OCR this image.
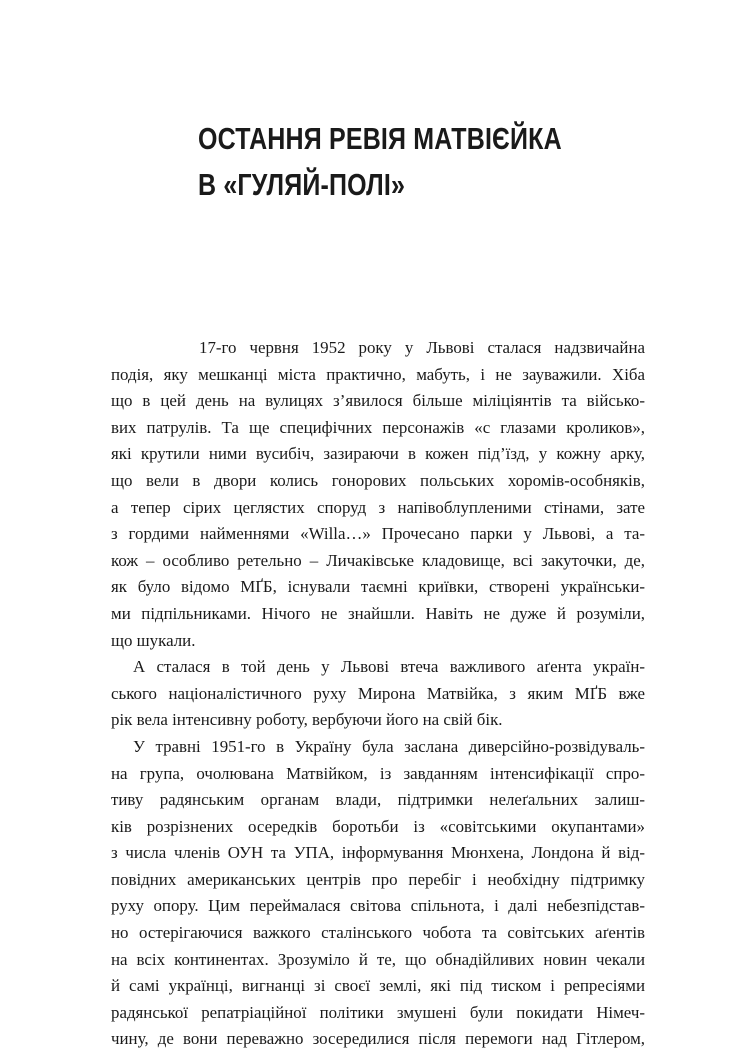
ОСТАННЯ РЕВІЯ МАТВІЄЙКА
В «ГУЛЯЙ-ПОЛІ»

17-го червня 1952 року у Львові сталася надзвичайна
подія, яку мешканці міста практично, мабуть, і не зауважили. Хіба
що в цей день на вулицях з’явилося більше міліціянтів та військо-
вих патрулів. Та ще специфічних персонажів «с глазами кроликов»,
які крутили ними вусибіч, зазираючи в кожен під’їзд, у кожну арку,
що вели в двори колись гонорових польських хоромів-особняків,
а тепер сірих цеглястих споруд з напівоблупленими стінами, зате
з гордими найменнями «Willa…» Прочесано парки у Львові, а та-
кож – особливо ретельно – Личаківське кладовище, всі закуточки, де,
як було відомо МҐБ, існували таємні криївки, створені українськи-
ми підпільниками. Нічого не знайшли. Навіть не дуже й розуміли,
що шукали.

А сталася в той день у Львові втеча важливого аґента україн-
ського націоналістичного руху Мирона Матвійка, з яким МҐБ вже
рік вела інтенсивну роботу, вербуючи його на свій бік.

У травні 1951-го в Україну була заслана диверсійно-розвідуваль-
на група, очолювана Матвійком, із завданням інтенсифікації спро-
тиву радянським органам влади, підтримки нелеґальних залиш-
ків розрізнених осередків боротьби із «совітськими окупантами»
з числа членів ОУН та УПА, інформування Мюнхена, Лондона й від-
повідних американських центрів про перебіг і необхідну підтримку
руху опору. Цим переймалася світова спільнота, і далі небезпідстав-
но остерігаючися важкого сталінського чобота та совітських аґентів
на всіх континентах. Зрозуміло й те, що обнадійливих новин чекали
й самі українці, вигнанці зі своєї землі, які під тиском і репресіями
радянської репатріаційної політики змушені були покидати Німеч-
чину, де вони переважно зосередилися після перемоги над Гітлером,
